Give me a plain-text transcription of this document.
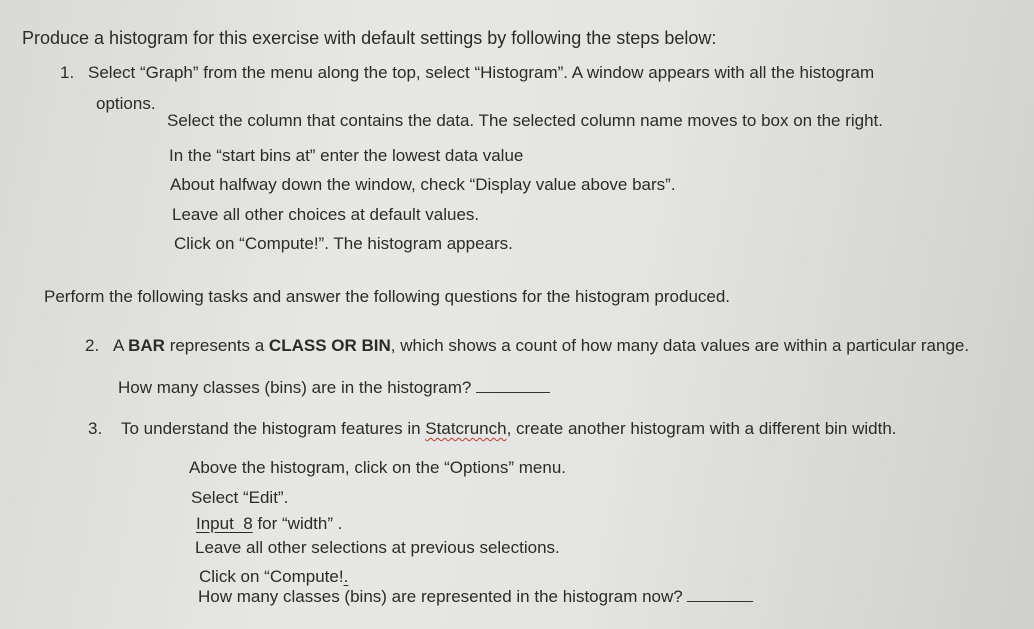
Produce a histogram for this exercise with default settings by following the steps below:
1. Select “Graph” from the menu along the top, select “Histogram”. A window appears with all the histogram
options.
Select the column that contains the data. The selected column name moves to box on the right.
In the “start bins at” enter the lowest data value
About halfway down the window, check “Display value above bars”.
Leave all other choices at default values.
Click on “Compute!”. The histogram appears.
Perform the following tasks and answer the following questions for the histogram produced.
2. A BAR represents a CLASS OR BIN, which shows a count of how many data values are within a particular range.
How many classes (bins) are in the histogram?
3. To understand the histogram features in Statcrunch, create another histogram with a different bin width.
Above the histogram, click on the “Options” menu.
Select “Edit”.
Input  8 for “width” .
Leave all other selections at previous selections.
Click on “Compute!.
How many classes (bins) are represented in the histogram now?
